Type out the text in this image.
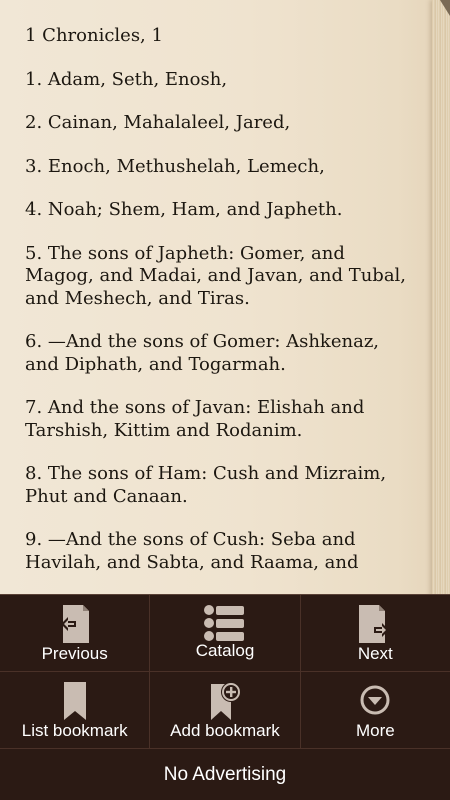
1 Chronicles, 1

1. Adam, Seth, Enosh,

2. Cainan, Mahalaleel, Jared,

3. Enoch, Methushelah, Lemech,

4. Noah; Shem, Ham, and Japheth.

5. The sons of Japheth: Gomer, and Magog, and Madai, and Javan, and Tubal, and Meshech, and Tiras.

6. —And the sons of Gomer: Ashkenaz, and Diphath, and Togarmah.

7. And the sons of Javan: Elishah and Tarshish, Kittim and Rodanim.

8. The sons of Ham: Cush and Mizraim, Phut and Canaan.

9. —And the sons of Cush: Seba and Havilah, and Sabta, and Raama, and

Previous	Catalog	Next
List bookmark	Add bookmark	More
No Advertising
